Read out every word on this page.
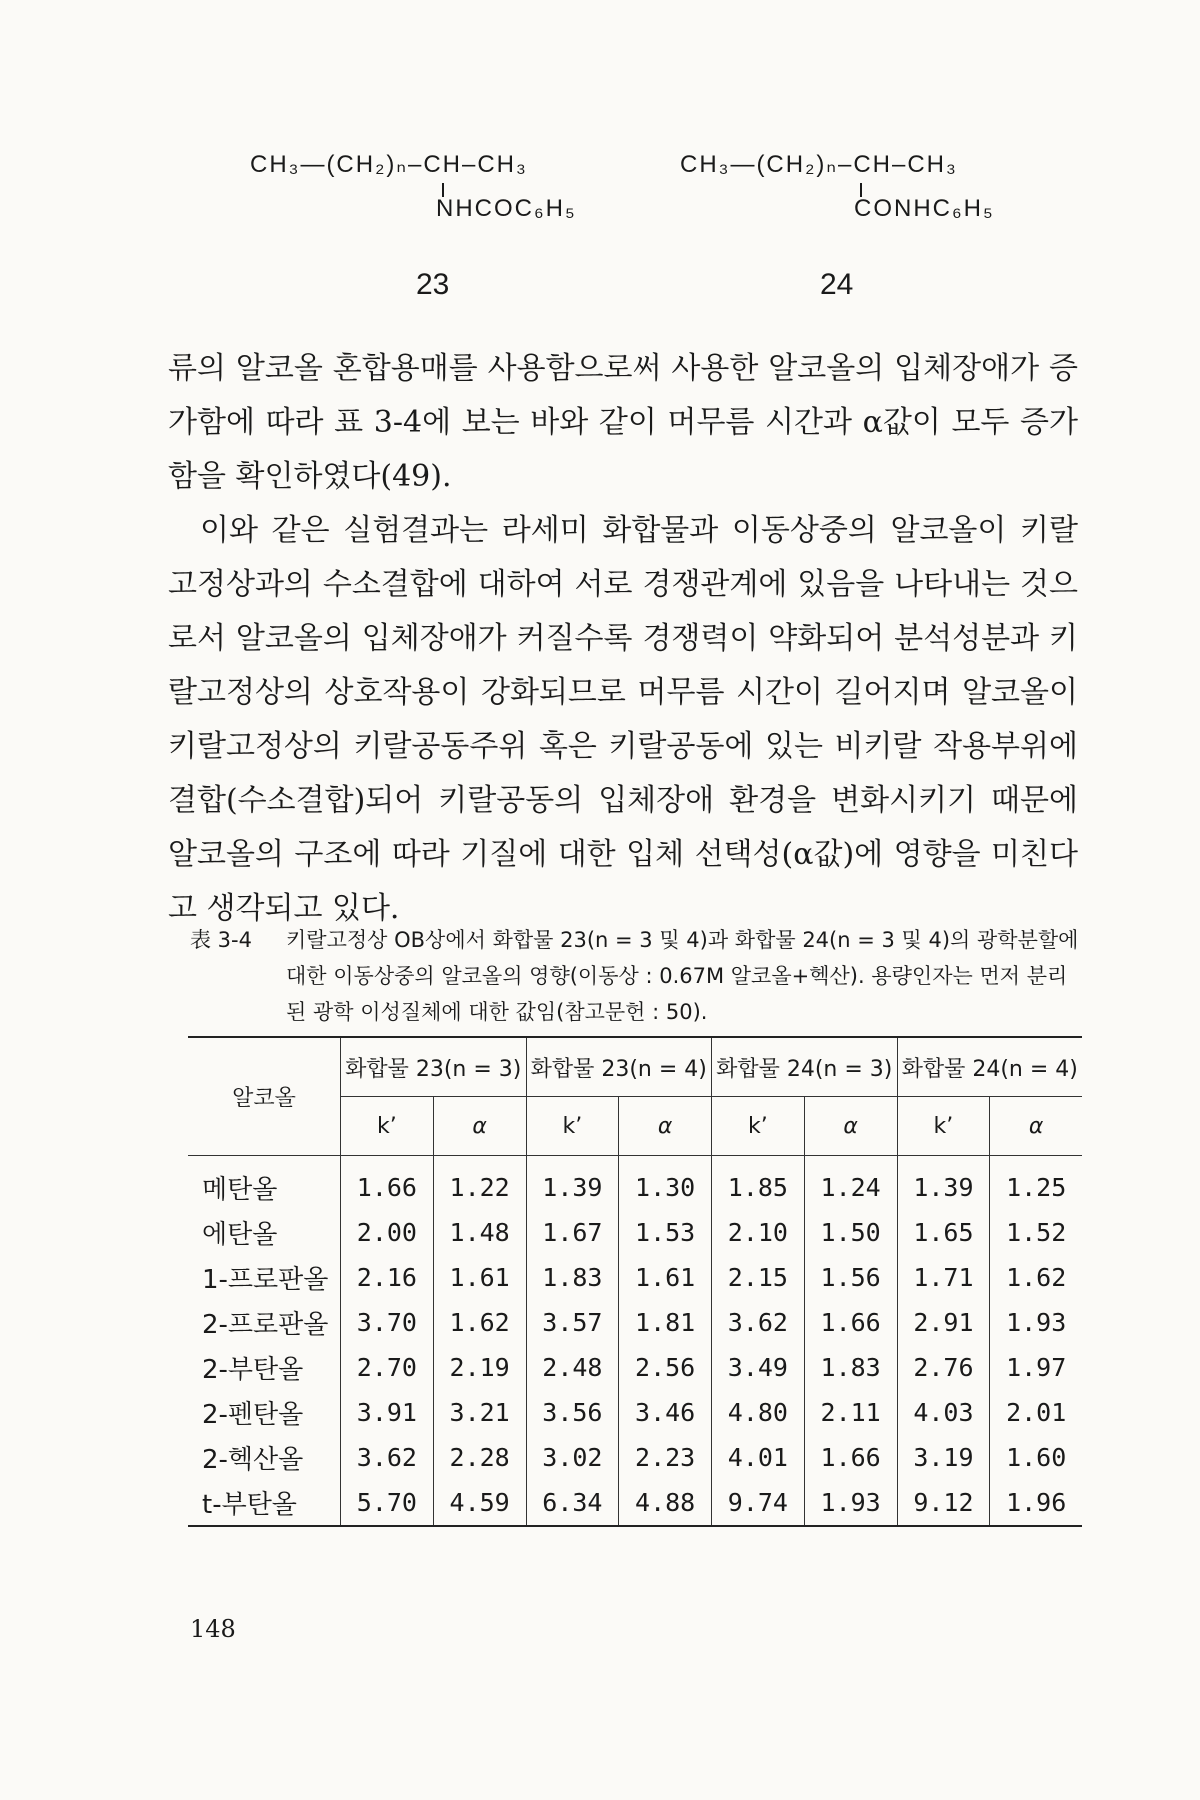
CH₃—(CH₂)ₙ–CH–CH₃
NHCOC₆H₅
23
CH₃—(CH₂)ₙ–CH–CH₃
CONHC₆H₅
24

류의 알코올 혼합용매를 사용함으로써 사용한 알코올의 입체장애가 증가함에 따라 표 3-4에 보는 바와 같이 머무름 시간과 α값이 모두 증가함을 확인하였다(49).

이와 같은 실험결과는 라세미 화합물과 이동상중의 알코올이 키랄고정상과의 수소결합에 대하여 서로 경쟁관계에 있음을 나타내는 것으로서 알코올의 입체장애가 커질수록 경쟁력이 약화되어 분석성분과 키랄고정상의 상호작용이 강화되므로 머무름 시간이 길어지며 알코올이 키랄고정상의 키랄공동주위 혹은 키랄공동에 있는 비키랄 작용부위에 결합(수소결합)되어 키랄공동의 입체장애 환경을 변화시키기 때문에 알코올의 구조에 따라 기질에 대한 입체 선택성(α값)에 영향을 미친다고 생각되고 있다.

表 3-4 키랄고정상 OB상에서 화합물 23(n = 3 및 4)과 화합물 24(n = 3 및 4)의 광학분할에 대한 이동상중의 알코올의 영향(이동상 : 0.67M 알코올+헥산). 용량인자는 먼저 분리된 광학 이성질체에 대한 값임(참고문헌 : 50).
알코올	화합물 23(n = 3)		화합물 23(n = 4)		화합물 24(n = 3)		화합물 24(n = 4)	
	k’	α	k’	α	k’	α	k’	α
메탄올	1.66	1.22	1.39	1.30	1.85	1.24	1.39	1.25
에탄올	2.00	1.48	1.67	1.53	2.10	1.50	1.65	1.52
1-프로판올	2.16	1.61	1.83	1.61	2.15	1.56	1.71	1.62
2-프로판올	3.70	1.62	3.57	1.81	3.62	1.66	2.91	1.93
2-부탄올	2.70	2.19	2.48	2.56	3.49	1.83	2.76	1.97
2-펜탄올	3.91	3.21	3.56	3.46	4.80	2.11	4.03	2.01
2-헥산올	3.62	2.28	3.02	2.23	4.01	1.66	3.19	1.60
t-부탄올	5.70	4.59	6.34	4.88	9.74	1.93	9.12	1.96
148
